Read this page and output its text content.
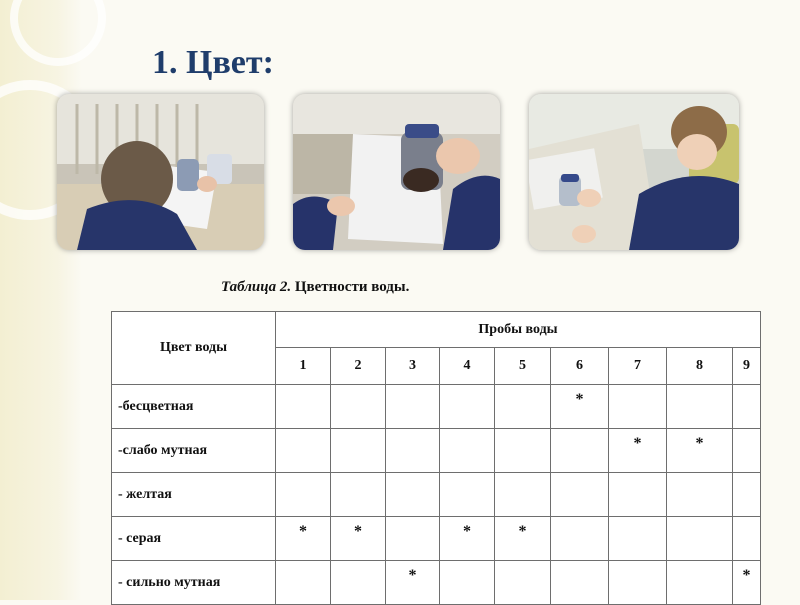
1. Цвет:
Таблица 2. Цветности воды.
Цвет воды	Пробы воды								
	1	2	3	4	5	6	7	8	9
-бесцветная						*			
-слабо мутная							*	*	
- желтая									
- серая	*	*		*	*				
- сильно мутная			*						*
